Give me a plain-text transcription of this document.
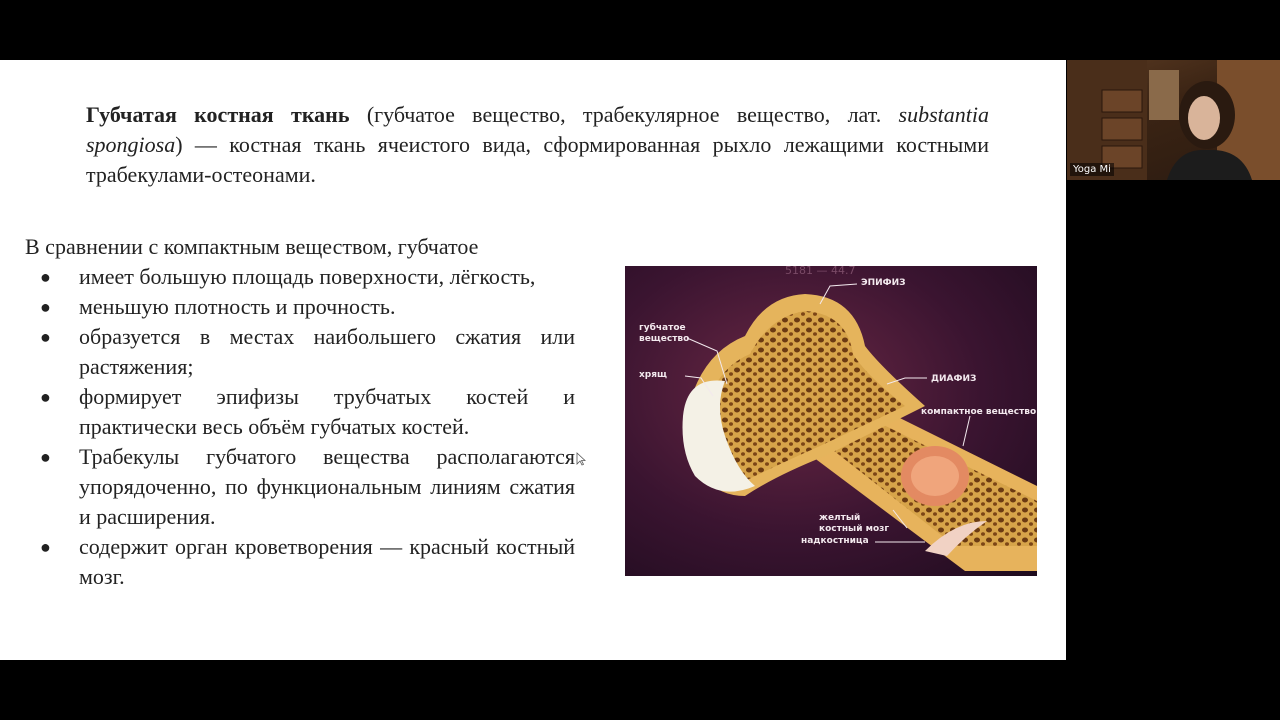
Губчатая костная ткань (губчатое вещество, трабекулярное вещество, лат. substantia spongiosa) — костная ткань ячеистого вида, сформированная рыхло лежащими костными трабекулами-остеонами.
В сравнении с компактным веществом, губчатое
● имеет большую площадь поверхности, лёгкость,
● меньшую плотность и прочность.
● образуется в местах наибольшего сжатия или растяжения;
● формирует эпифизы трубчатых костей и практически весь объём губчатых костей.
● Трабекулы губчатого вещества располагаются упорядоченно, по функциональным линиям сжатия и расширения.
● содержит орган кроветворения — красный костный мозг.
5181 — 44.7
ЭПИФИЗ
губчатое
вещество
хрящ	ДИАФИЗ
компактное вещество
желтый
костный мозг
надкостница
Yoga Mi
